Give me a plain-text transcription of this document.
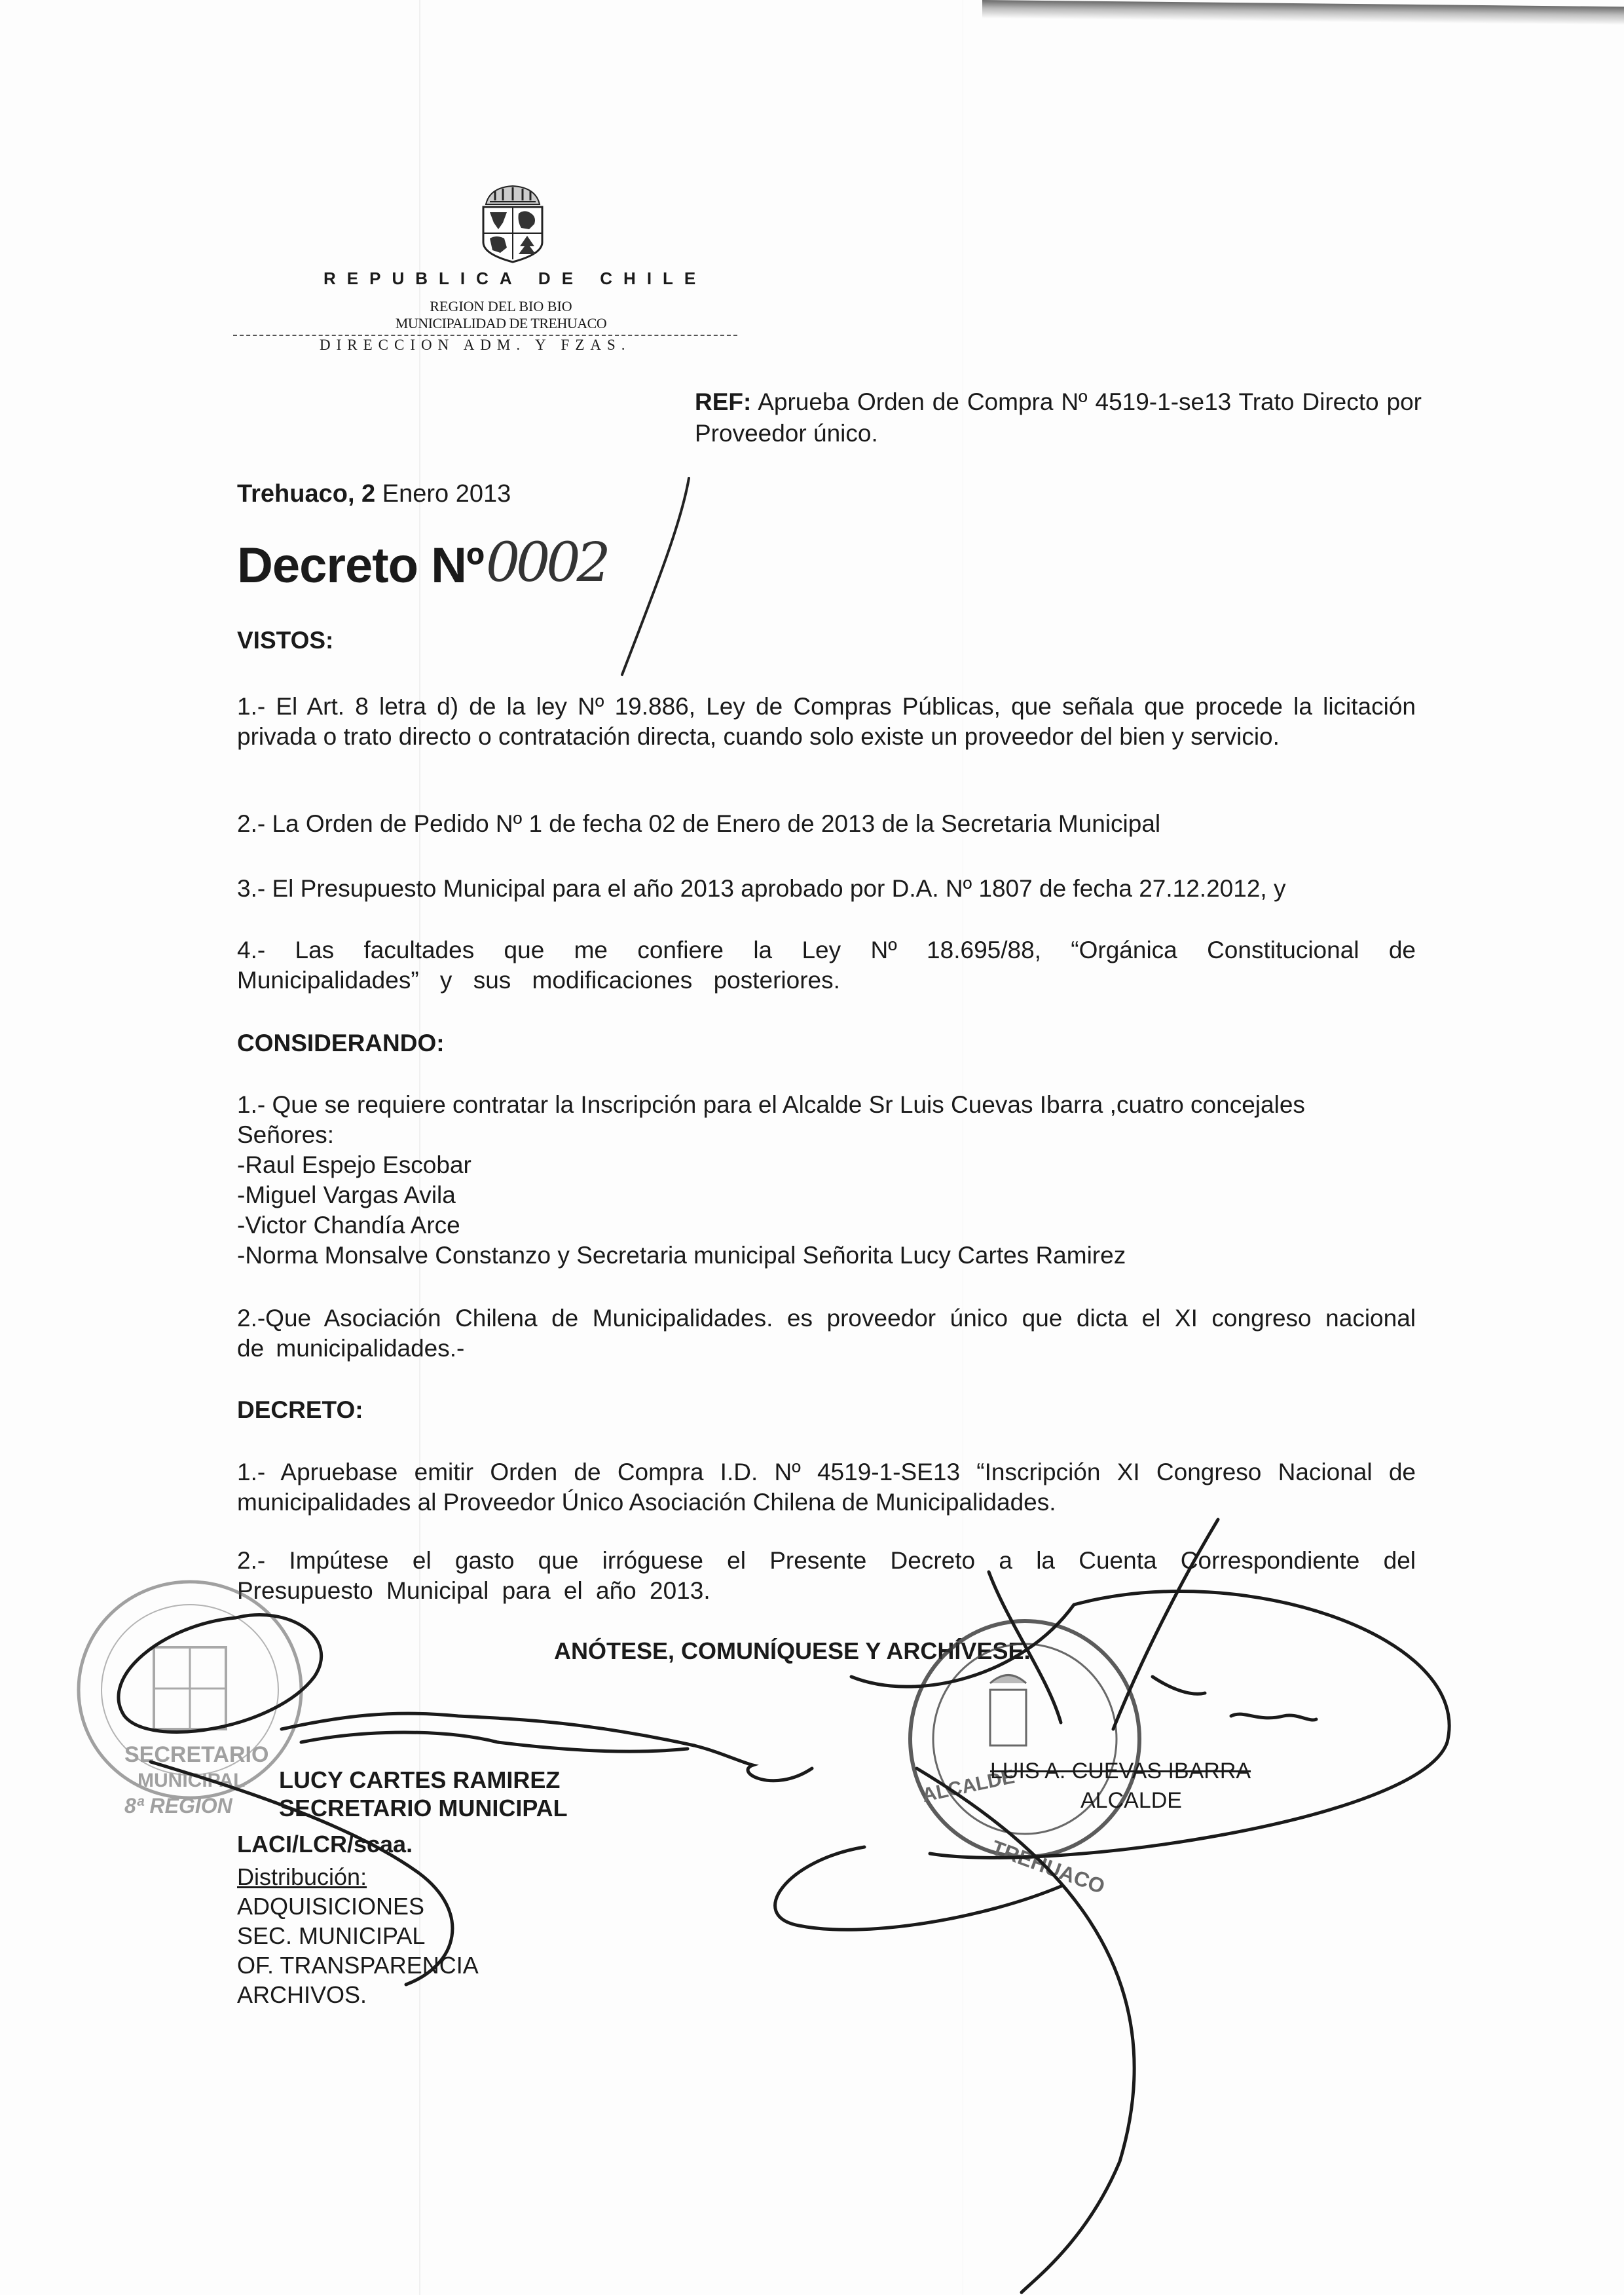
REPUBLICA DE CHILE
REGION DEL BIO BIO
MUNICIPALIDAD DE TREHUACO
DIRECCION ADM. Y FZAS.
REF: Aprueba Orden de Compra Nº 4519-1-se13 Trato Directo por Proveedor único.
Trehuaco, 2 Enero 2013
Decreto Nº 0002
VISTOS:
1.- El Art. 8 letra d) de la ley Nº 19.886, Ley de Compras Públicas, que señala que procede la licitación privada o trato directo o contratación directa, cuando solo existe un proveedor del bien y servicio.
2.- La Orden de Pedido Nº 1 de fecha 02 de Enero de 2013 de la Secretaria Municipal
3.- El Presupuesto Municipal para el año 2013 aprobado por D.A. Nº 1807 de fecha 27.12.2012, y
4.- Las facultades que me confiere la Ley Nº 18.695/88, “Orgánica Constitucional de Municipalidades” y sus modificaciones posteriores.
CONSIDERANDO:
1.- Que se requiere contratar la Inscripción para el Alcalde Sr Luis Cuevas Ibarra ,cuatro concejales
Señores:
-Raul Espejo Escobar
-Miguel Vargas Avila
-Victor Chandía Arce
-Norma Monsalve Constanzo y Secretaria municipal Señorita Lucy Cartes Ramirez
2.-Que Asociación Chilena de Municipalidades. es proveedor único que dicta el XI congreso nacional de municipalidades.-
DECRETO:
1.- Apruebase emitir Orden de Compra I.D. Nº 4519-1-SE13 “Inscripción XI Congreso Nacional de municipalidades al Proveedor Único Asociación Chilena de Municipalidades.
2.- Impútese el gasto que irróguese el Presente Decreto a la Cuenta Correspondiente del Presupuesto Municipal para el año 2013.
ANÓTESE, COMUNÍQUESE Y ARCHÍVESE.
SECRETARIO
MUNICIPAL
8ª REGION	ALCALDE
TREHUACO
LUCY CARTES RAMIREZ
SECRETARIO MUNICIPAL
LUIS A. CUEVAS IBARRA
ALCALDE
LACI/LCR/scaa.
Distribución:
ADQUISICIONES
SEC. MUNICIPAL
OF. TRANSPARENCIA
ARCHIVOS.
